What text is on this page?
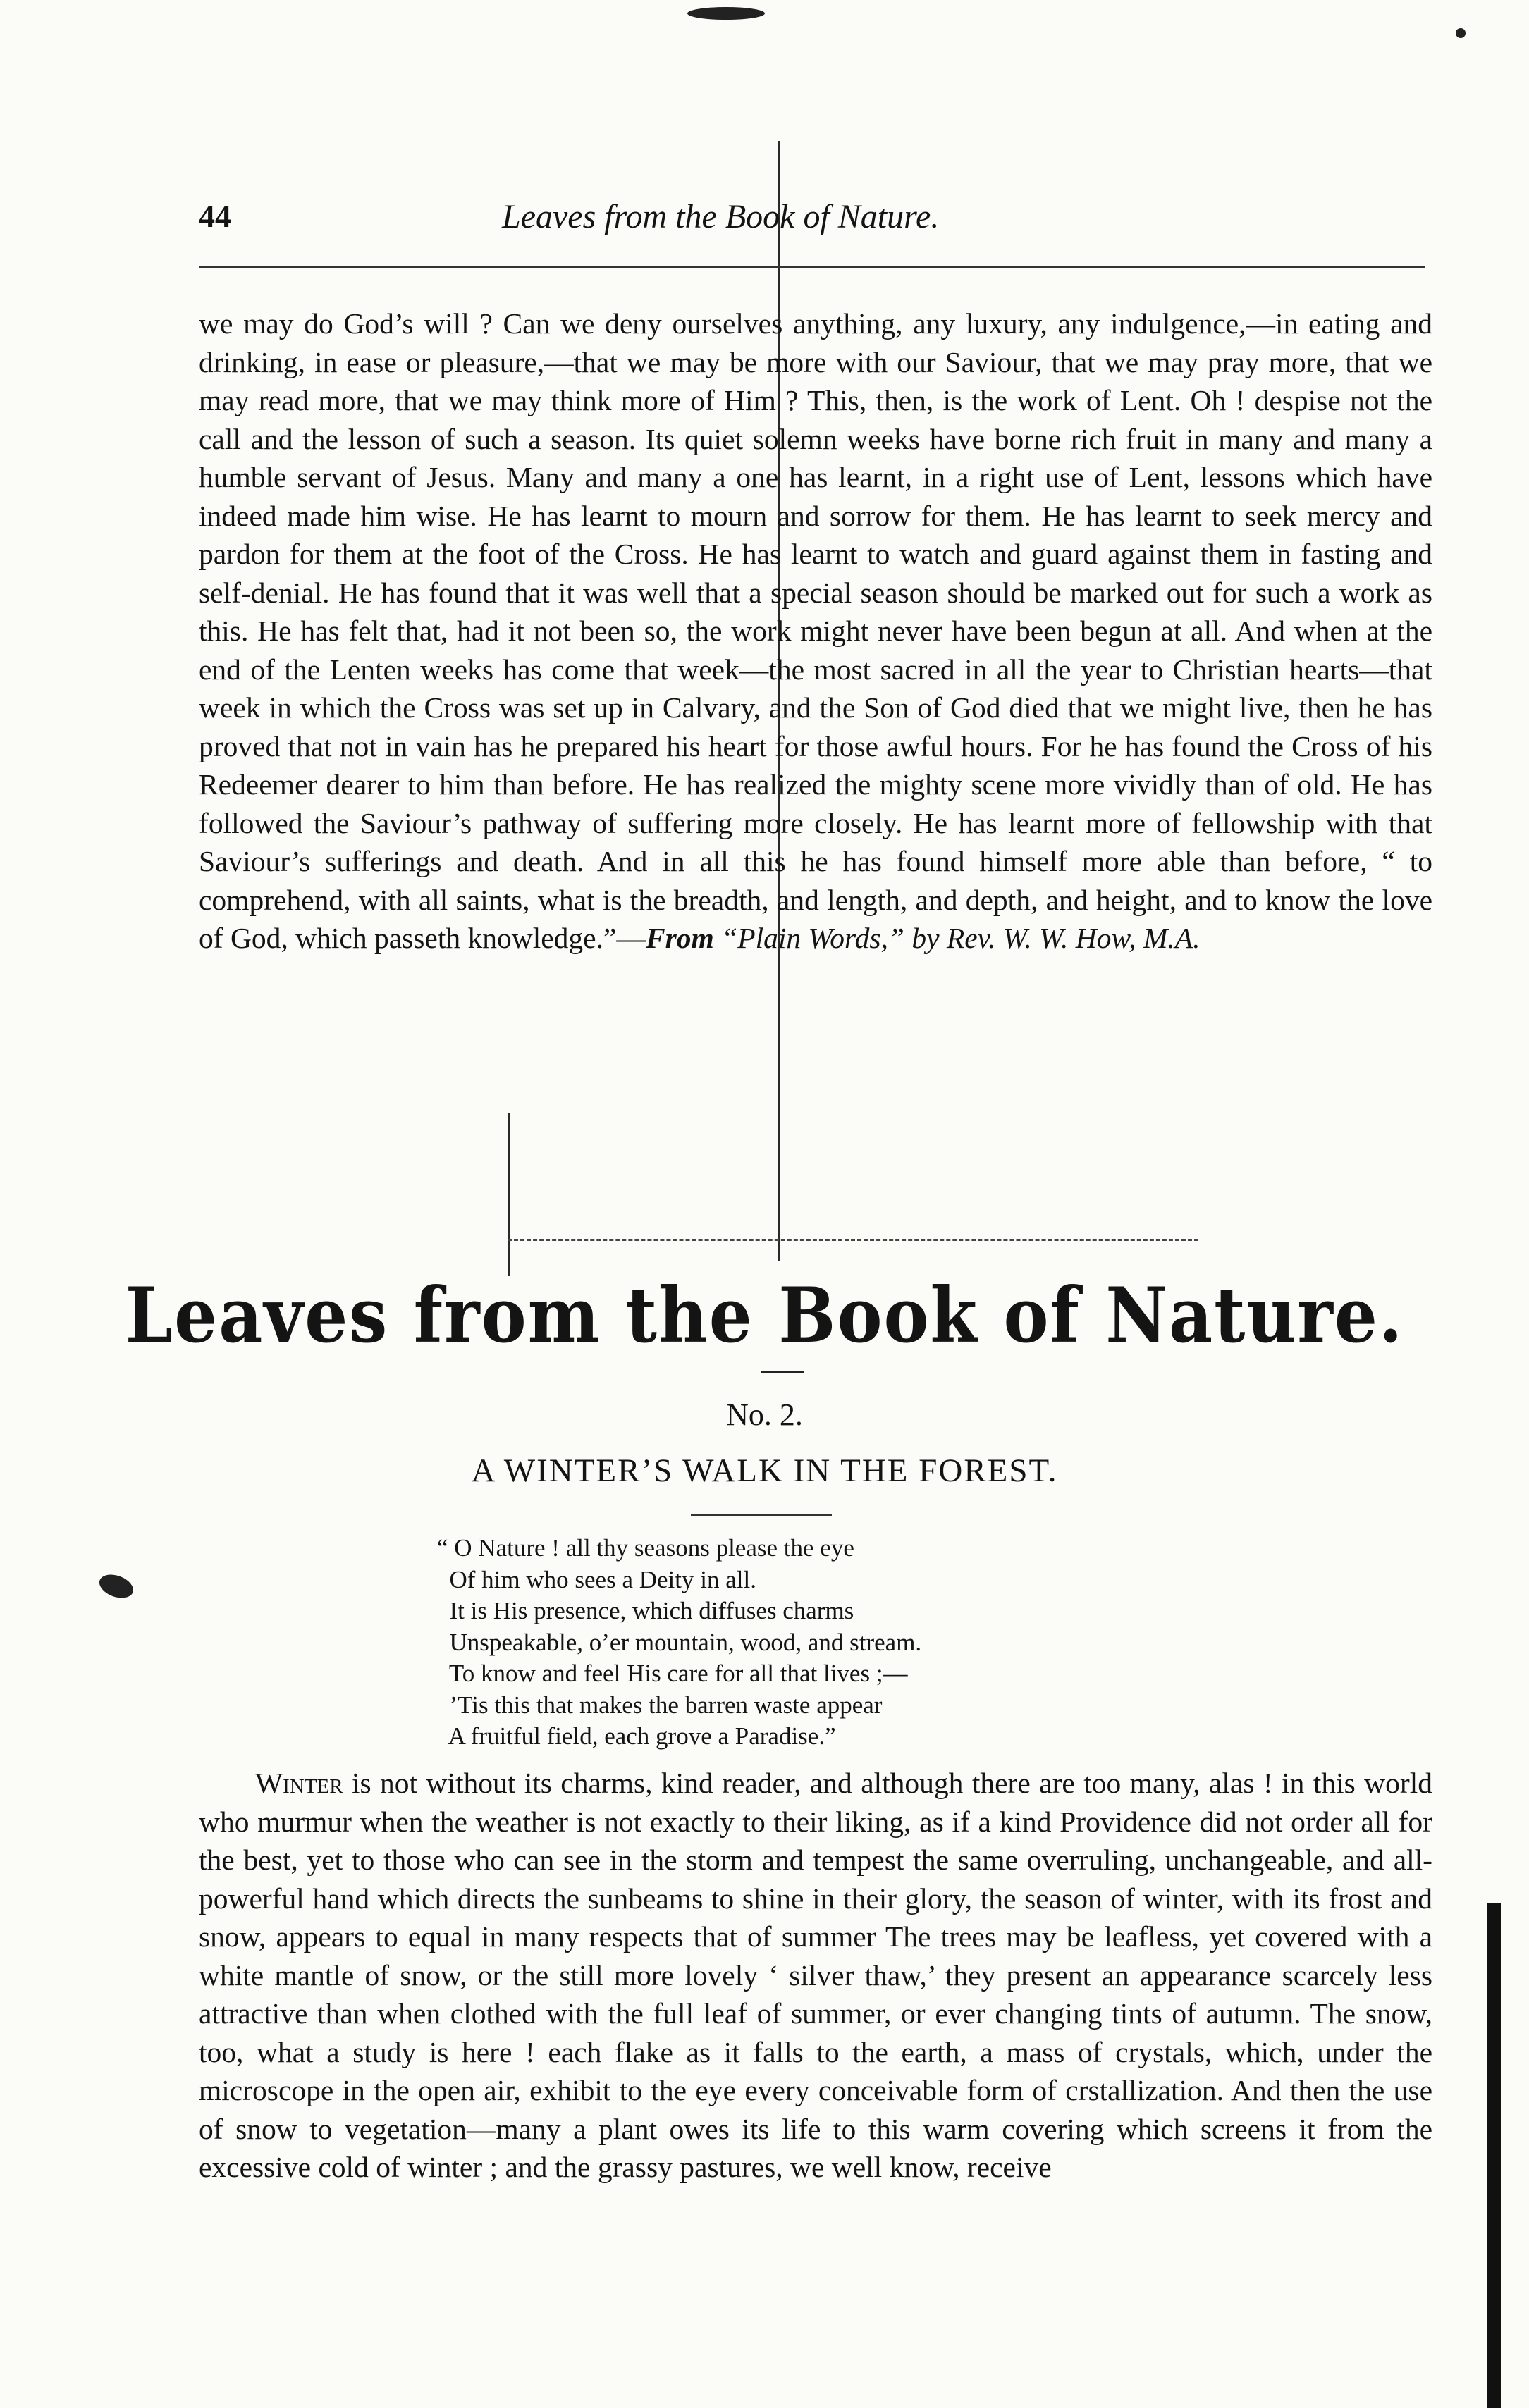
44	Leaves from the Book of Nature.
we may do God’s will ? Can we deny ourselves anything, any luxury, any indulgence,—in eating and drinking, in ease or pleasure,—that we may be more with our Saviour, that we may pray more, that we may read more, that we may think more of Him ? This, then, is the work of Lent. Oh ! despise not the call and the lesson of such a season. Its quiet solemn weeks have borne rich fruit in many and many a humble servant of Jesus. Many and many a one has learnt, in a right use of Lent, lessons which have indeed made him wise. He has learnt to mourn and sorrow for them. He has learnt to seek mercy and pardon for them at the foot of the Cross. He has learnt to watch and guard against them in fasting and self-denial. He has found that it was well that a special season should be marked out for such a work as this. He has felt that, had it not been so, the work might never have been begun at all. And when at the end of the Lenten weeks has come that week—the most sacred in all the year to Christian hearts—that week in which the Cross was set up in Calvary, and the Son of God died that we might live, then he has proved that not in vain has he prepared his heart for those awful hours. For he has found the Cross of his Redeemer dearer to him than before. He has realized the mighty scene more vividly than of old. He has followed the Saviour’s pathway of suffering more closely. He has learnt more of fellowship with that Saviour’s sufferings and death. And in all this he has found himself more able than before, “ to comprehend, with all saints, what is the breadth, and length, and depth, and height, and to know the love of God, which passeth knowledge.”—From “Plain Words,” by Rev. W. W. How, M.A.
Leaves from the Book of Nature.
No. 2.
A WINTER’S WALK IN THE FOREST.
“ O Nature ! all thy seasons please the eye
Of him who sees a Deity in all.
It is His presence, which diffuses charms
Unspeakable, o’er mountain, wood, and stream.
To know and feel His care for all that lives ;—
’Tis this that makes the barren waste appear
A fruitful field, each grove a Paradise.”
Winter is not without its charms, kind reader, and although there are too many, alas ! in this world who murmur when the weather is not exactly to their liking, as if a kind Providence did not order all for the best, yet to those who can see in the storm and tempest the same overruling, unchangeable, and all-powerful hand which directs the sunbeams to shine in their glory, the season of winter, with its frost and snow, appears to equal in many respects that of summer The trees may be leafless, yet covered with a white mantle of snow, or the still more lovely ‘ silver thaw,’ they present an appearance scarcely less attractive than when clothed with the full leaf of summer, or ever changing tints of autumn. The snow, too, what a study is here ! each flake as it falls to the earth, a mass of crystals, which, under the microscope in the open air, exhibit to the eye every conceivable form of crstallization. And then the use of snow to vegetation—many a plant owes its life to this warm covering which screens it from the excessive cold of winter ; and the grassy pastures, we well know, receive
